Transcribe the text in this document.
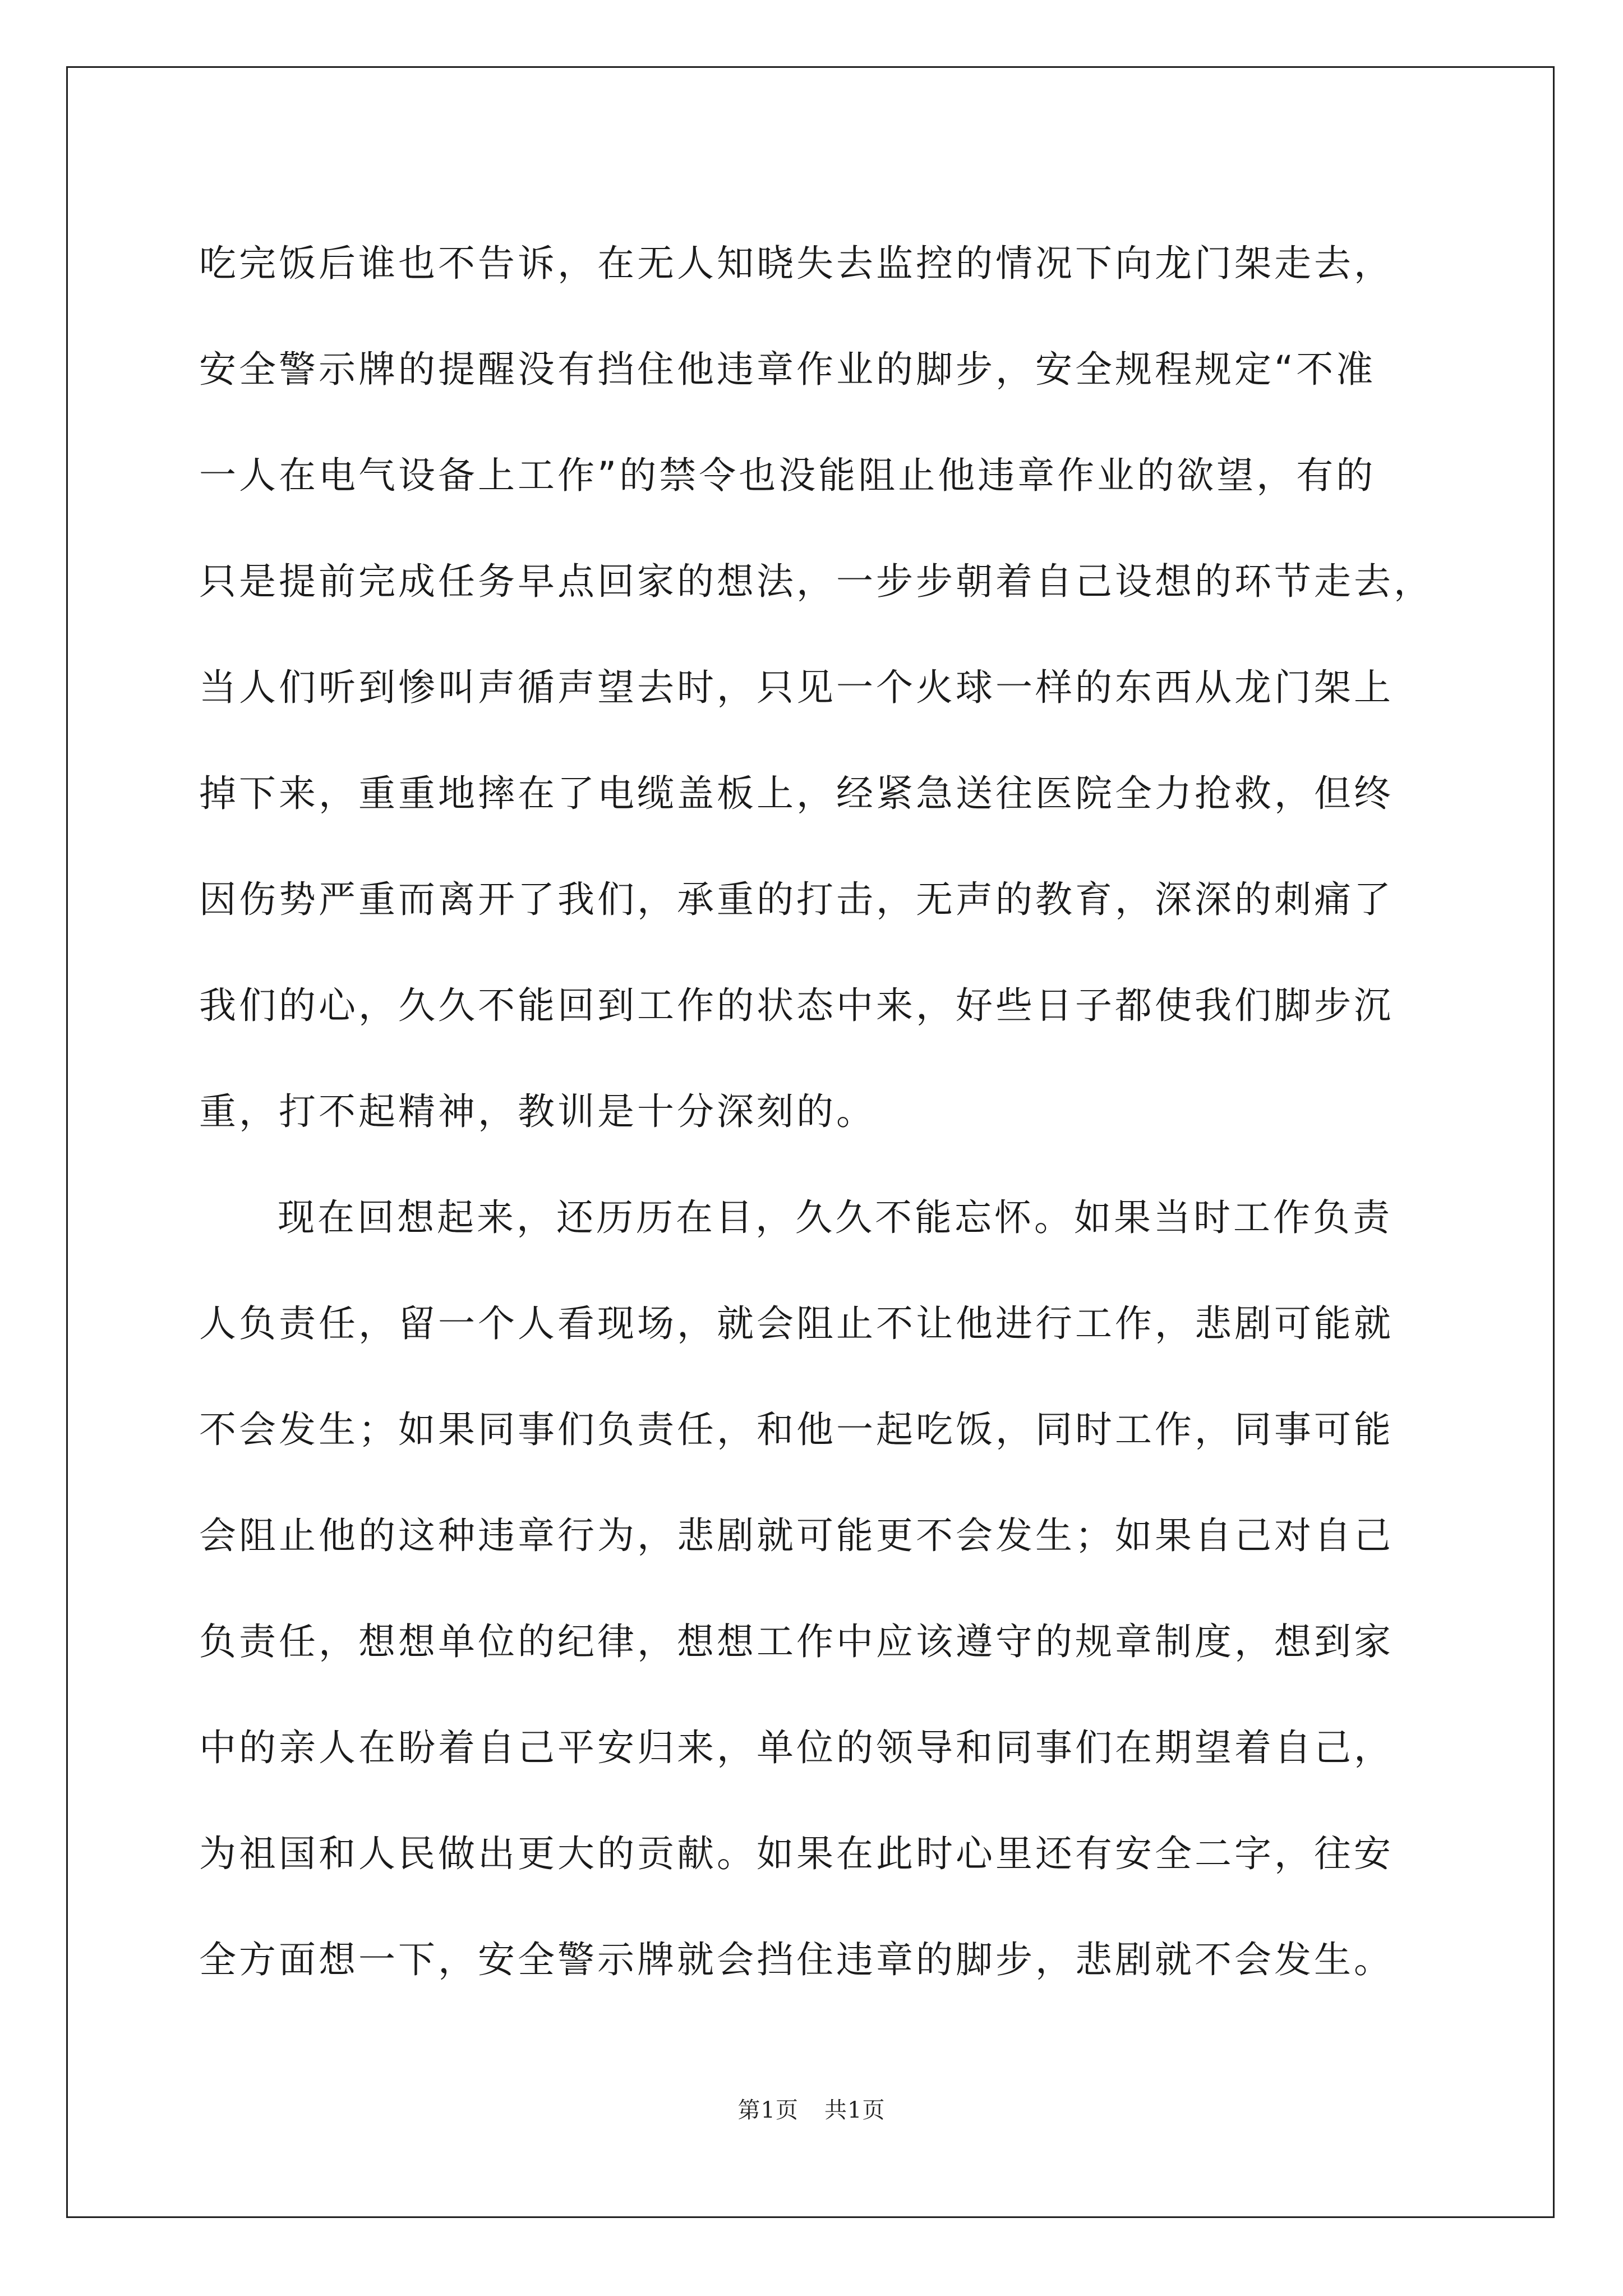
吃完饭后谁也不告诉，在无人知晓失去监控的情况下向龙门架走去，
安全警示牌的提醒没有挡住他违章作业的脚步，安全规程规定“不准
一人在电气设备上工作”的禁令也没能阻止他违章作业的欲望，有的
只是提前完成任务早点回家的想法，一步步朝着自己设想的环节走去，
当人们听到惨叫声循声望去时，只见一个火球一样的东西从龙门架上
掉下来，重重地摔在了电缆盖板上，经紧急送往医院全力抢救，但终
因伤势严重而离开了我们，承重的打击，无声的教育，深深的刺痛了
我们的心，久久不能回到工作的状态中来，好些日子都使我们脚步沉
重，打不起精神，教训是十分深刻的。
现在回想起来，还历历在目，久久不能忘怀。如果当时工作负责
人负责任，留一个人看现场，就会阻止不让他进行工作，悲剧可能就
不会发生；如果同事们负责任，和他一起吃饭，同时工作，同事可能
会阻止他的这种违章行为，悲剧就可能更不会发生；如果自己对自己
负责任，想想单位的纪律，想想工作中应该遵守的规章制度，想到家
中的亲人在盼着自己平安归来，单位的领导和同事们在期望着自己，
为祖国和人民做出更大的贡献。如果在此时心里还有安全二字，往安
全方面想一下，安全警示牌就会挡住违章的脚步，悲剧就不会发生。
第1页 共1页
